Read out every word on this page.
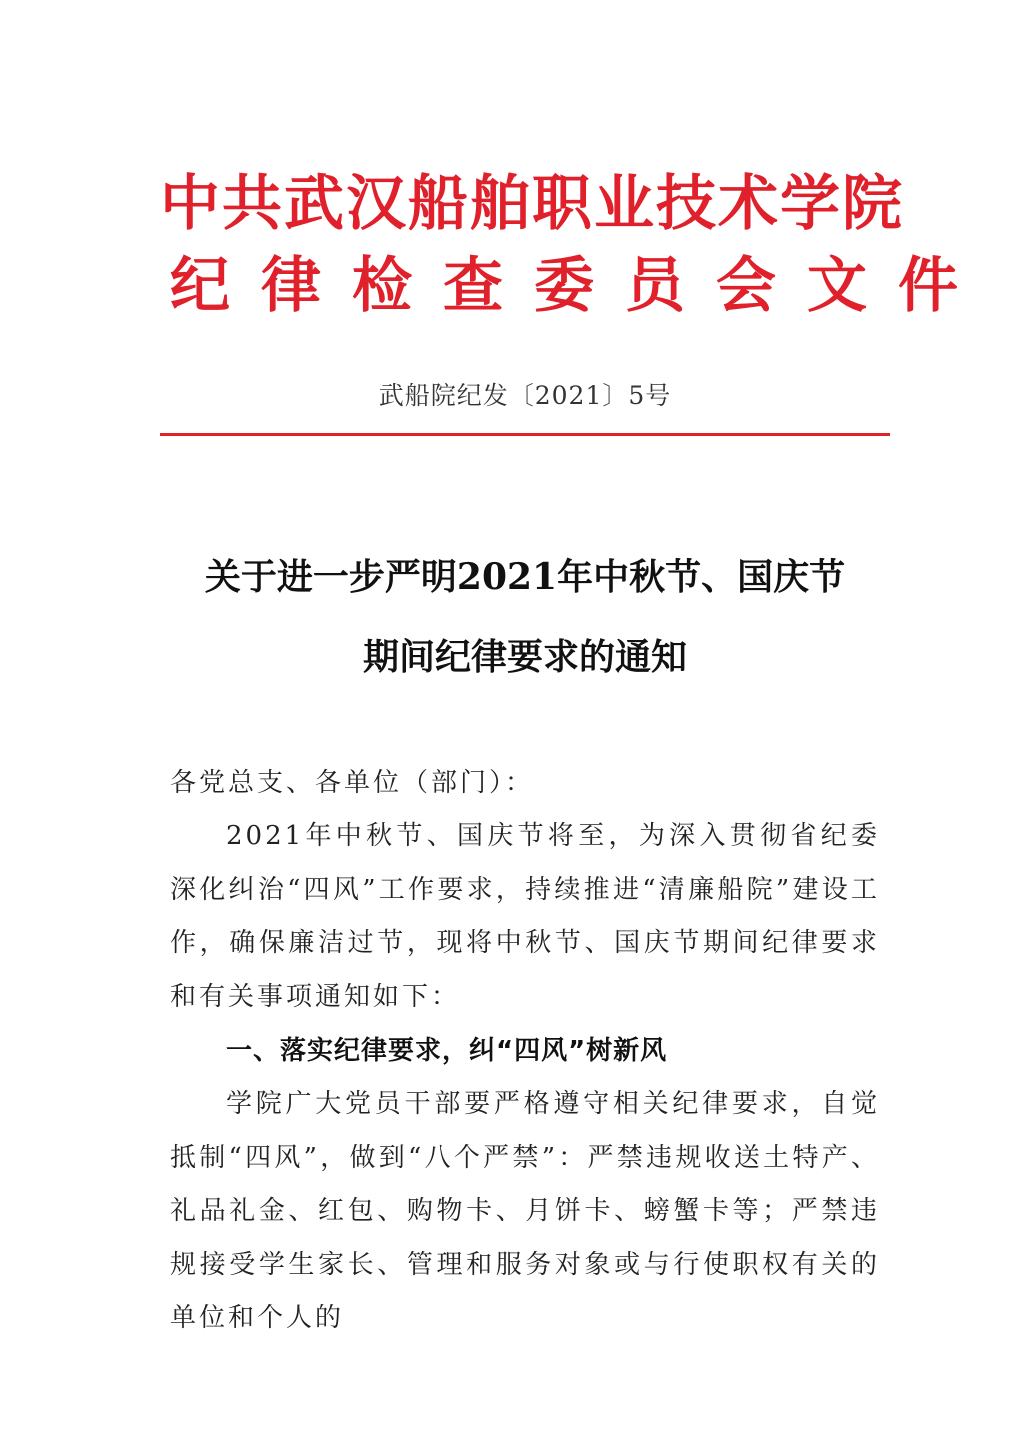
中共武汉船舶职业技术学院
纪律检查委员会文件
武船院纪发〔2021〕5号
关于进一步严明2021年中秋节、国庆节
期间纪律要求的通知
各党总支、各单位（部门）：
2021年中秋节、国庆节将至，为深入贯彻省纪委深化纠治“四风”工作要求，持续推进“清廉船院”建设工作，确保廉洁过节，现将中秋节、国庆节期间纪律要求和有关事项通知如下：
一、落实纪律要求，纠“四风”树新风
学院广大党员干部要严格遵守相关纪律要求，自觉抵制“四风”，做到“八个严禁”：严禁违规收送土特产、礼品礼金、红包、购物卡、月饼卡、螃蟹卡等；严禁违规接受学生家长、管理和服务对象或与行使职权有关的单位和个人的
